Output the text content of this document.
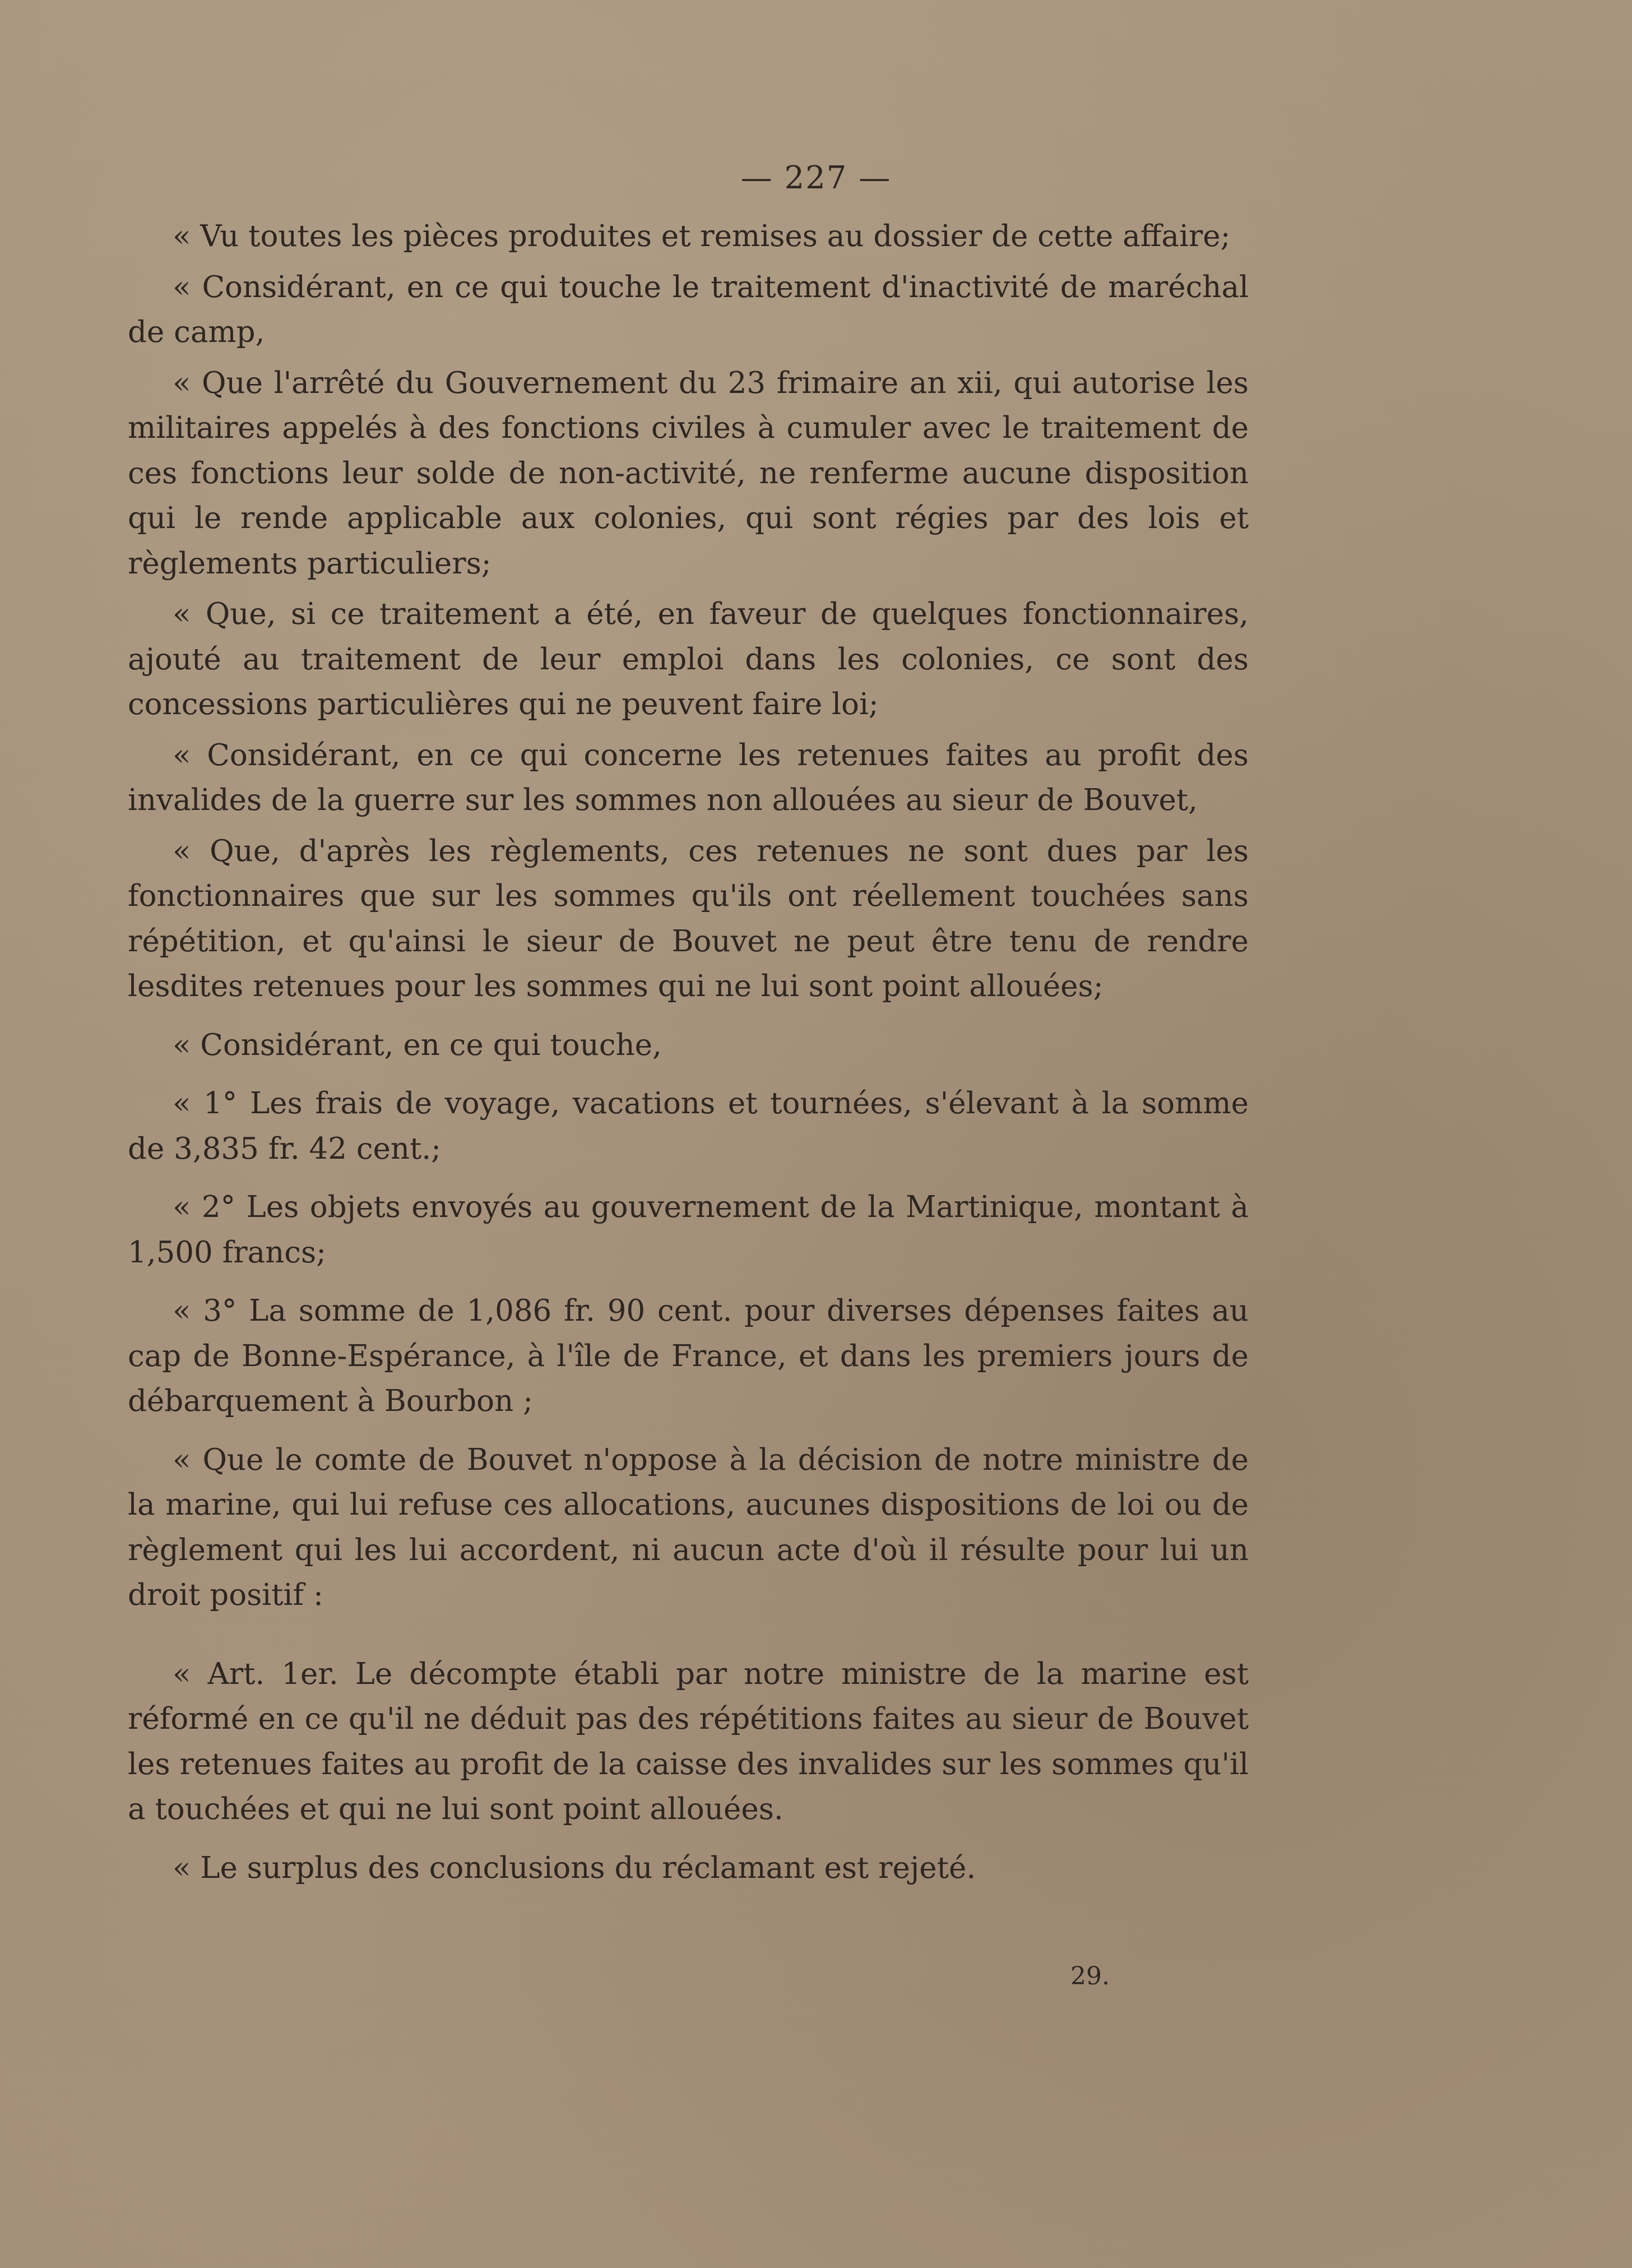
— 227 —

« Vu toutes les pièces produites et remises au dossier de cette affaire;

« Considérant, en ce qui touche le traitement d'inactivité de maréchal de camp,

« Que l'arrêté du Gouvernement du 23 frimaire an xii, qui autorise les militaires appelés à des fonctions civiles à cumuler avec le traitement de ces fonctions leur solde de non-activité, ne renferme aucune disposition qui le rende applicable aux colonies, qui sont régies par des lois et règlements particuliers;

« Que, si ce traitement a été, en faveur de quelques fonctionnaires, ajouté au traitement de leur emploi dans les colonies, ce sont des concessions particulières qui ne peuvent faire loi;

« Considérant, en ce qui concerne les retenues faites au profit des invalides de la guerre sur les sommes non allouées au sieur de Bouvet,

« Que, d'après les règlements, ces retenues ne sont dues par les fonctionnaires que sur les sommes qu'ils ont réellement touchées sans répétition, et qu'ainsi le sieur de Bouvet ne peut être tenu de rendre lesdites retenues pour les sommes qui ne lui sont point allouées;

« Considérant, en ce qui touche,

« 1° Les frais de voyage, vacations et tournées, s'élevant à la somme de 3,835 fr. 42 cent.;

« 2° Les objets envoyés au gouvernement de la Martinique, montant à 1,500 francs;

« 3° La somme de 1,086 fr. 90 cent. pour diverses dépenses faites au cap de Bonne-Espérance, à l'île de France, et dans les premiers jours de débarquement à Bourbon ;

« Que le comte de Bouvet n'oppose à la décision de notre ministre de la marine, qui lui refuse ces allocations, aucunes dispositions de loi ou de règlement qui les lui accordent, ni aucun acte d'où il résulte pour lui un droit positif :

« Art. 1er. Le décompte établi par notre ministre de la marine est réformé en ce qu'il ne déduit pas des répétitions faites au sieur de Bouvet les retenues faites au profit de la caisse des invalides sur les sommes qu'il a touchées et qui ne lui sont point allouées.

« Le surplus des conclusions du réclamant est rejeté.

29.
